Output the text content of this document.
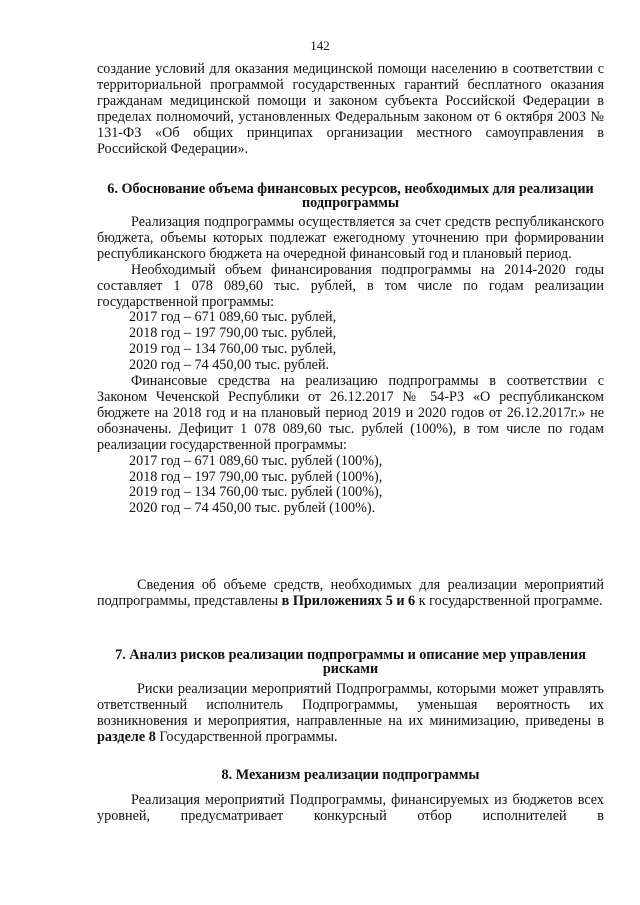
142

создание условий для оказания медицинской помощи населению в соответствии с территориальной программой государственных гарантий бесплатного оказания гражданам медицинской помощи и законом субъекта Российской Федерации в пределах полномочий, установленных Федеральным законом от 6 октября 2003 № 131-ФЗ «Об общих принципах организации местного самоуправления в Российской Федерации».

6. Обоснование объема финансовых ресурсов, необходимых для реализации подпрограммы

Реализация подпрограммы осуществляется за счет средств республиканского бюджета, объемы которых подлежат ежегодному уточнению при формировании республиканского бюджета на очередной финансовый год и плановый период.

Необходимый объем финансирования подпрограммы на 2014-2020 годы составляет 1 078 089,60 тыс. рублей, в том числе по годам реализации государственной программы:

2017 год – 671 089,60 тыс. рублей,
2018 год – 197 790,00 тыс. рублей,
2019 год – 134 760,00 тыс. рублей,
2020 год – 74 450,00 тыс. рублей.

Финансовые средства на реализацию подпрограммы в соответствии с Законом Чеченской Республики от 26.12.2017 № 54-РЗ «О республиканском бюджете на 2018 год и на плановый период 2019 и 2020 годов от 26.12.2017г.» не обозначены. Дефицит 1 078 089,60 тыс. рублей (100%), в том числе по годам реализации государственной программы:

2017 год – 671 089,60 тыс. рублей (100%),
2018 год – 197 790,00 тыс. рублей (100%),
2019 год – 134 760,00 тыс. рублей (100%),
2020 год – 74 450,00 тыс. рублей (100%).

Сведения об объеме средств, необходимых для реализации мероприятий подпрограммы, представлены в Приложениях 5 и 6 к государственной программе.

7. Анализ рисков реализации подпрограммы и описание мер управления рисками

Риски реализации мероприятий Подпрограммы, которыми может управлять ответственный исполнитель Подпрограммы, уменьшая вероятность их возникновения и мероприятия, направленные на их минимизацию, приведены в разделе 8 Государственной программы.

8. Механизм реализации подпрограммы

Реализация мероприятий Подпрограммы, финансируемых из бюджетов всех уровней, предусматривает конкурсный отбор исполнителей в
